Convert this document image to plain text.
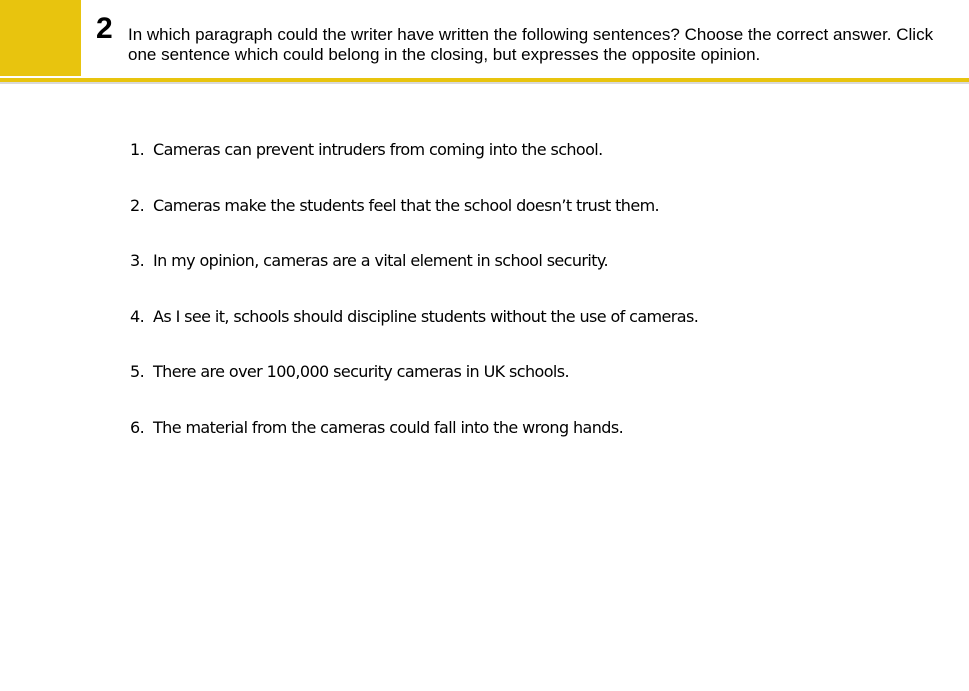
2 In which paragraph could the writer have written the following sentences? Choose the correct answer. Click one sentence which could belong in the closing, but expresses the opposite opinion.
1. Cameras can prevent intruders from coming into the school.
2. Cameras make the students feel that the school doesn’t trust them.
3. In my opinion, cameras are a vital element in school security.
4. As I see it, schools should discipline students without the use of cameras.
5. There are over 100,000 security cameras in UK schools.
6. The material from the cameras could fall into the wrong hands.
